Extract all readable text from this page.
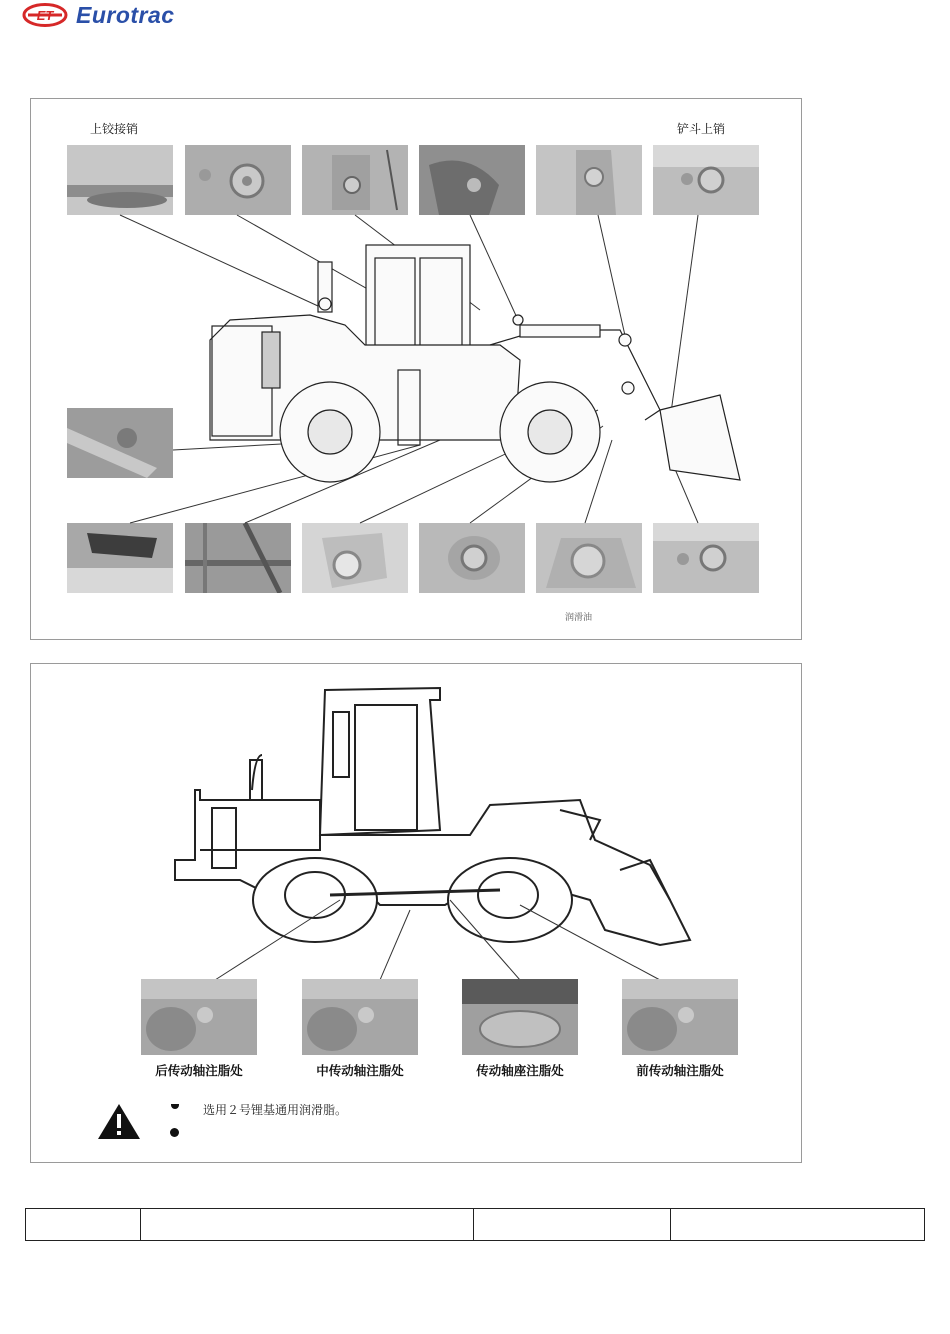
ET Eurotrac
上铰接销	铲斗上销
润滑油
后传动轴注脂处	中传动轴注脂处	传动轴座注脂处	前传动轴注脂处
选用２号锂基通用润滑脂。
